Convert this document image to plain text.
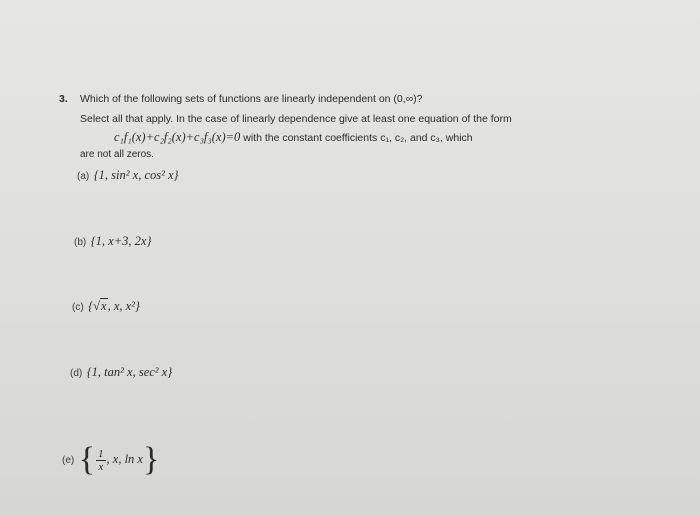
3. Which of the following sets of functions are linearly independent on (0,∞)?
Select all that apply. In the case of linearly dependence give at least one equation of the form
c₁f₁(x)+c₂f₂(x)+c₃f₃(x)=0 with the constant coefficients c₁, c₂, and c₃, which
are not all zeros.
(a) {1, sin² x, cos² x}
(b) {1, x+3, 2x}
(c) {√x, x, x²}
(d) {1, tan² x, sec² x}
(e) { $\frac{1}{x}$ , x, ln x}
